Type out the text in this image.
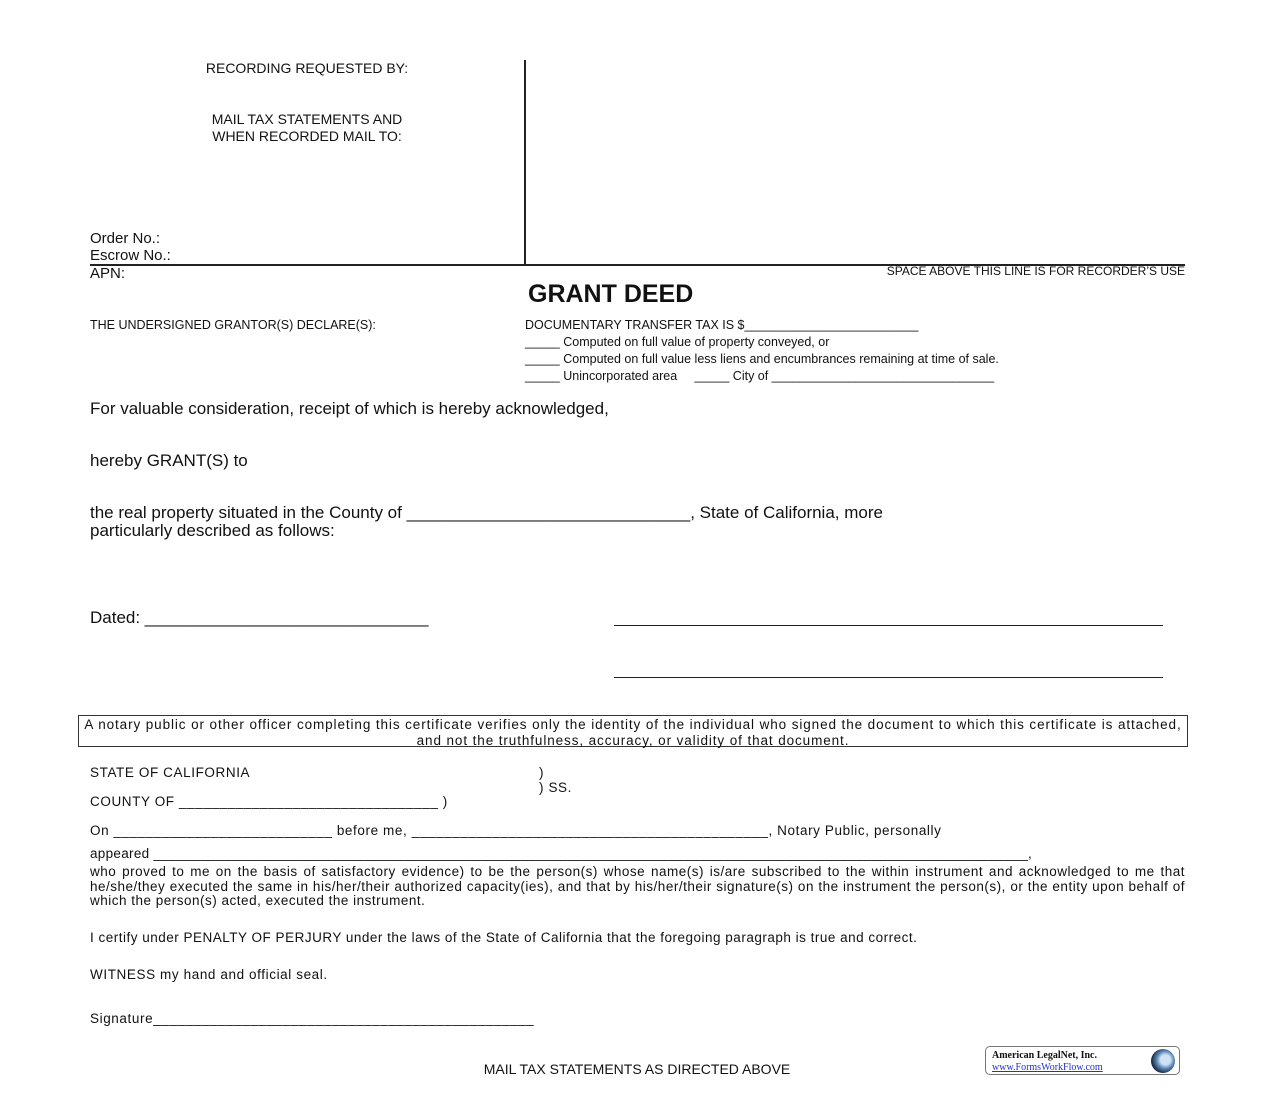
RECORDING REQUESTED BY:
MAIL TAX STATEMENTS AND
WHEN RECORDED MAIL TO:
Order No.:
Escrow No.:
APN:	SPACE ABOVE THIS LINE IS FOR RECORDER’S USE
GRANT DEED
THE UNDERSIGNED GRANTOR(S) DECLARE(S):	DOCUMENTARY TRANSFER TAX IS $_________________________
_____ Computed on full value of property conveyed, or
_____ Computed on full value less liens and encumbrances remaining at time of sale.
_____ Unincorporated area     _____ City of ________________________________
For valuable consideration, receipt of which is hereby acknowledged,
hereby GRANT(S) to
the real property situated in the County of ______________________________, State of California, more
particularly described as follows:
Dated: ______________________________
A notary public or other officer completing this certificate verifies only the identity of the individual who signed the document to which this certificate is attached, and not the truthfulness, accuracy, or validity of that document.
STATE OF CALIFORNIA	)
) SS.
COUNTY OF ________________________________ )
On ___________________________ before me, ____________________________________________, Notary Public, personally
appeared ________________________________________________________________________________________________________________,
who proved to me on the basis of satisfactory evidence) to be the person(s) whose name(s) is/are subscribed to the within instrument and acknowledged to me that he/she/they executed the same in his/her/their authorized capacity(ies), and that by his/her/their signature(s) on the instrument the person(s), or the entity upon behalf of which the person(s) acted, executed the instrument.
I certify under PENALTY OF PERJURY under the laws of the State of California that the foregoing paragraph is true and correct.
WITNESS my hand and official seal.
Signature_______________________________________________
MAIL TAX STATEMENTS AS DIRECTED ABOVE
American LegalNet, Inc.
www.FormsWorkFlow.com
